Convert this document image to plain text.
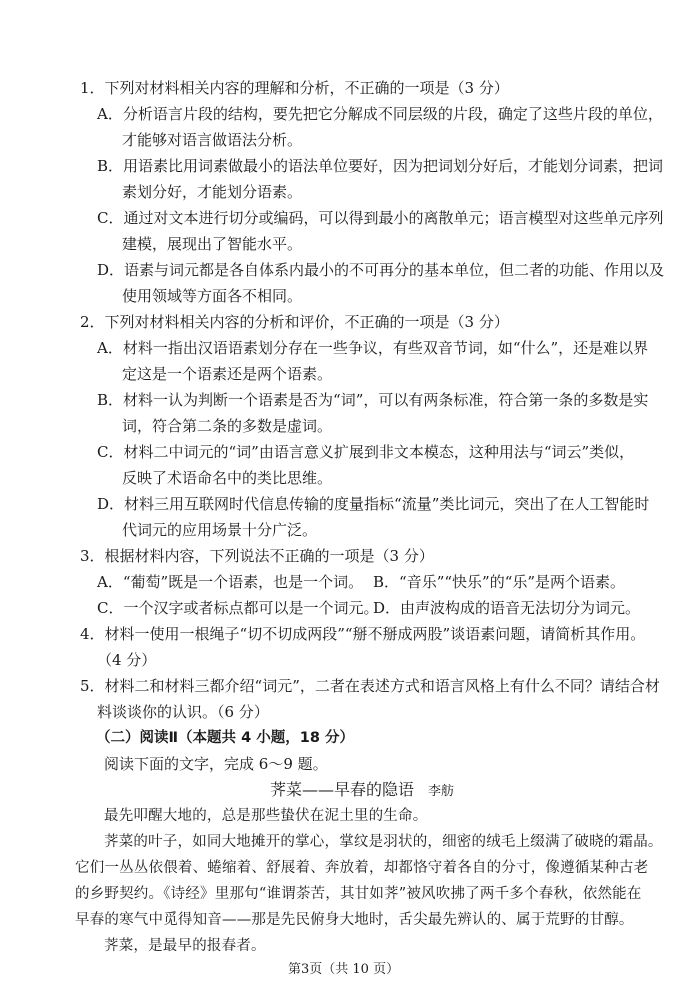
1．下列对材料相关内容的理解和分析，不正确的一项是（3 分）
A．分析语言片段的结构，要先把它分解成不同层级的片段，确定了这些片段的单位，
才能够对语言做语法分析。
B．用语素比用词素做最小的语法单位要好，因为把词划分好后，才能划分词素，把词
素划分好，才能划分语素。
C．通过对文本进行切分或编码，可以得到最小的离散单元；语言模型对这些单元序列
建模，展现出了智能水平。
D．语素与词元都是各自体系内最小的不可再分的基本单位，但二者的功能、作用以及
使用领域等方面各不相同。
2．下列对材料相关内容的分析和评价，不正确的一项是（3 分）
A．材料一指出汉语语素划分存在一些争议，有些双音节词，如“什么”，还是难以界
定这是一个语素还是两个语素。
B．材料一认为判断一个语素是否为“词”，可以有两条标准，符合第一条的多数是实
词，符合第二条的多数是虚词。
C．材料二中词元的“词”由语言意义扩展到非文本模态，这种用法与“词云”类似，
反映了术语命名中的类比思维。
D．材料三用互联网时代信息传输的度量指标“流量”类比词元，突出了在人工智能时
代词元的应用场景十分广泛。
3．根据材料内容，下列说法不正确的一项是（3 分）
A．“葡萄”既是一个语素，也是一个词。 B．“音乐”“快乐”的“乐”是两个语素。
C．一个汉字或者标点都可以是一个词元。
D．由声波构成的语音无法切分为词元。
4．材料一使用一根绳子“切不切成两段”“掰不掰成两股”谈语素问题，请简析其作用。
（4 分）
5．材料二和材料三都介绍“词元”，二者在表述方式和语言风格上有什么不同？请结合材
料谈谈你的认识。（6 分）
（二）阅读Ⅱ（本题共 4 小题，18 分）
阅读下面的文字，完成 6～9 题。
荠菜——早春的隐语 李舫
最先叩醒大地的，总是那些蛰伏在泥土里的生命。
荠菜的叶子，如同大地摊开的掌心，掌纹是羽状的，细密的绒毛上缀满了破晓的霜晶。
它们一丛丛依偎着、蜷缩着、舒展着、奔放着，却都恪守着各自的分寸，像遵循某种古老
的乡野契约。《诗经》里那句“谁谓荼苦，其甘如荠”被风吹拂了两千多个春秋，依然能在
早春的寒气中觅得知音——那是先民俯身大地时，舌尖最先辨认的、属于荒野的甘醇。
荠菜，是最早的报春者。
第3页（共 10 页）
